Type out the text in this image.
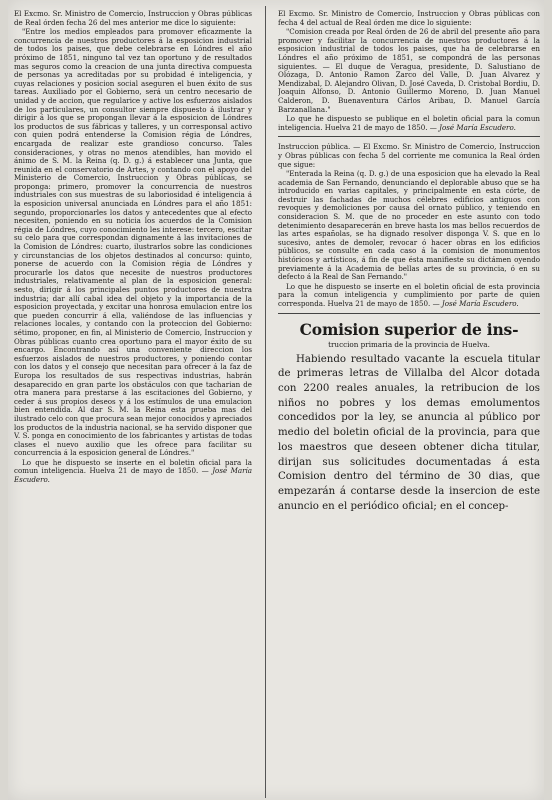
El Excmo. Sr. Ministro de Comercio, Instruccion y Obras públicas de Real órden fecha 26 del mes anterior me dice lo siguiente:

"Entre los medios empleados para promover eficazmente la concurrencia de nuestros productores á la esposicion industrial de todos los paises, que debe celebrarse en Lóndres el año próximo de 1851, ninguno tal vez tan oportuno y de resultados mas seguros como la creacion de una junta directiva compuesta de personas ya acreditadas por su probidad é inteligencia, y cuyas relaciones y posicion social aseguren el buen éxito de sus tareas. Auxiliado por el Gobierno, será un centro necesario de unidad y de accion, que regularice y active los esfuerzos aislados de los particulares, un consultor siempre dispuesto á ilustrar y dirigir á los que se propongan llevar á la esposicion de Lóndres los productos de sus fábricas y talleres, y un corresponsal activo con quien podrá entenderse la Comision régia de Lóndres, encargada de realizar este grandioso concurso. Tales consideraciones, y otras no menos atendibles, han movido el ánimo de S. M. la Reina (q. D. g.) á establecer una Junta, que reunida en el conservatorio de Artes, y contando con el apoyo del Ministerio de Comercio, Instruccion y Obras públicas, se proponga: primero, promover la concurrencia de nuestros industriales con sus muestras de su laboriosidad é inteligencia á la esposicion universal anunciada en Lóndres para el año 1851: segundo, proporcionarles los datos y antecedentes que al efecto necesiten, poniendo en su noticia los acuerdos de la Comision régia de Lóndres, cuyo conocimiento les interese: tercero, escitar su celo para que correspondan dignamente á las invitaciones de la Comision de Lóndres: cuarto, ilustrarlos sobre las condiciones y circunstancias de los objetos destinados al concurso: quinto, ponerse de acuerdo con la Comision régia de Lóndres y procurarle los datos que necesite de nuestros productores industriales, relativamente al plan de la esposicion general: sesto, dirigir á los principales puntos productores de nuestra industria; dar allí cabal idea del objeto y la importancia de la esposicion proyectada, y excitar una honrosa emulacion entre los que pueden concurrir á ella, valiéndose de las influencias y relaciones locales, y contando con la proteccion del Gobierno: sétimo, proponer, en fin, al Ministerio de Comercio, Instruccion y Obras públicas cuanto crea oportuno para el mayor éxito de su encargo. Encontrando así una conveniente direccion los esfuerzos aislados de nuestros productores, y poniendo contar con los datos y el consejo que necesitan para ofrecer á la faz de Europa los resultados de sus respectivas industrias, habrán desaparecido en gran parte los obstáculos con que tacharian de otra manera para prestarse á las escitaciones del Gobierno, y ceder á sus propios deseos y á los estímulos de una emulacion bien entendida. Al dar S. M. la Reina esta prueba mas del ilustrado celo con que procura sean mejor conocidos y apreciados los productos de la industria nacional, se ha servido disponer que V. S. ponga en conocimiento de los fabricantes y artistas de todas clases el nuevo auxilio que les ofrece para facilitar su concurrencia á la esposicion general de Lóndres."

Lo que he dispuesto se inserte en el boletin oficial para la comun inteligencia. Huelva 21 de mayo de 1850. — José María Escudero.

El Excmo. Sr. Ministro de Comercio, Instruccion y Obras públicas con fecha 4 del actual de Real órden me dice lo siguiente:

"Comision creada por Real órden de 26 de abril del presente año para promover y facilitar la concurrencia de nuestros productores á la esposicion industrial de todos los paises, que ha de celebrarse en Lóndres el año próximo de 1851, se compondrá de las personas siguientes. — El duque de Veragua, presidente, D. Salustiano de Olózaga, D. Antonio Ramon Zarco del Valle, D. Juan Alvarez y Mendizabal, D. Alejandro Olivan, D. José Caveda, D. Cristobal Bordiu, D. Joaquin Alfonso, D. Antonio Guillermo Moreno, D. Juan Manuel Calderon, D. Buenaventura Cárlos Aribau, D. Manuel García Barzanallana."

Lo que he dispuesto se publique en el boletin oficial para la comun inteligencia. Huelva 21 de mayo de 1850. — José María Escudero.

Instruccion pública. — El Excmo. Sr. Ministro de Comercio, Instruccion y Obras públicas con fecha 5 del corriente me comunica la Real órden que sigue:

"Enterada la Reina (q. D. g.) de una esposicion que ha elevado la Real academia de San Fernando, denunciando el deplorable abuso que se ha introducido en varias capitales, y principalmente en esta córte, de destruir las fachadas de muchos célebres edificios antiguos con revoques y demoliciones por causa del ornato público, y teniendo en consideracion S. M. que de no proceder en este asunto con todo detenimiento desaparecerán en breve hasta los mas bellos recuerdos de las artes españolas, se ha dignado resolver disponga V. S. que en lo sucesivo, antes de demoler, revocar ó hacer obras en los edificios públicos, se consulte en cada caso á la comision de monumentos históricos y artísticos, á fin de que ésta manifieste su dictámen oyendo previamente á la Academia de bellas artes de su provincia, ó en su defecto á la Real de San Fernando."

Lo que he dispuesto se inserte en el boletin oficial de esta provincia para la comun inteligencia y cumplimiento por parte de quien corresponda. Huelva 21 de mayo de 1850. — José María Escudero.

Comision superior de ins-
truccion primaria de la provincia de Huelva.

Habiendo resultado vacante la escuela titular de primeras letras de Villalba del Alcor dotada con 2200 reales anuales, la retribucion de los niños no pobres y los demas emolumentos concedidos por la ley, se anuncia al público por medio del boletin oficial de la provincia, para que los maestros que deseen obtener dicha titular, dirijan sus solicitudes documentadas á esta Comision dentro del término de 30 dias, que empezarán á contarse desde la insercion de este anuncio en el periódico oficial; en el concep-
